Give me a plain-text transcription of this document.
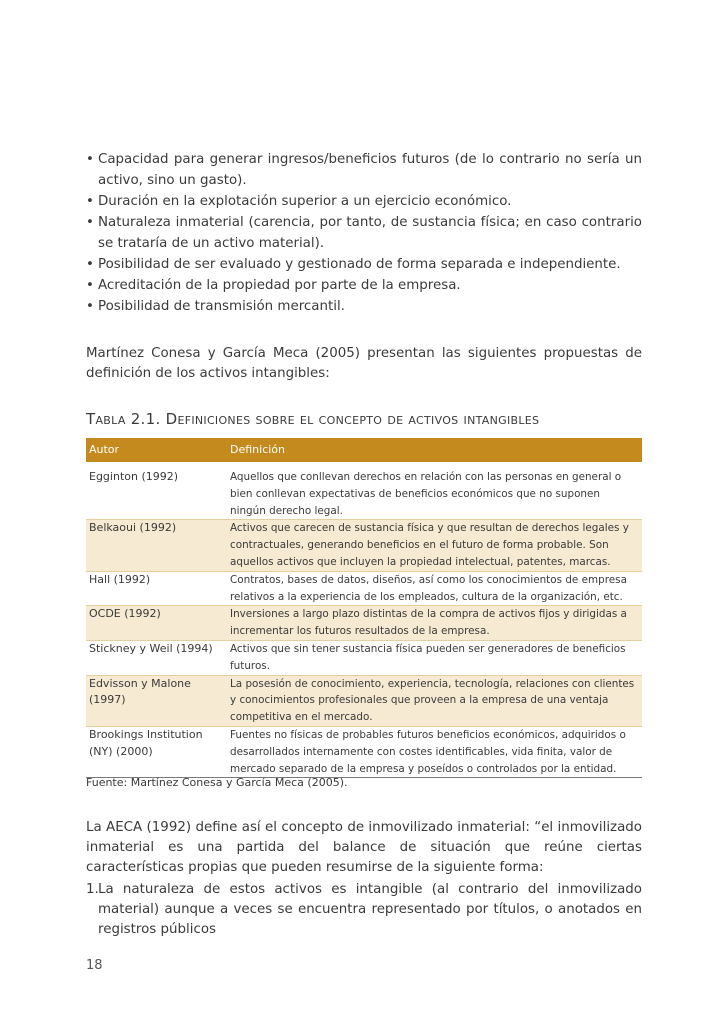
• Capacidad para generar ingresos/beneficios futuros (de lo contrario no sería un activo, sino un gasto).
• Duración en la explotación superior a un ejercicio económico.
• Naturaleza inmaterial (carencia, por tanto, de sustancia física; en caso contrario se trataría de un activo material).
• Posibilidad de ser evaluado y gestionado de forma separada e independiente.
• Acreditación de la propiedad por parte de la empresa.
• Posibilidad de transmisión mercantil.

Martínez Conesa y García Meca (2005) presentan las siguientes propuestas de definición de los activos intangibles:

Tabla 2.1. Definiciones sobre el concepto de activos intangibles
Autor	Definición
Egginton (1992)	Aquellos que conllevan derechos en relación con las personas en general o bien conllevan expectativas de beneficios económicos que no suponen ningún derecho legal.
Belkaoui (1992)	Activos que carecen de sustancia física y que resultan de derechos legales y contractuales, generando beneficios en el futuro de forma probable. Son aquellos activos que incluyen la propiedad intelectual, patentes, marcas.
Hall (1992)	Contratos, bases de datos, diseños, así como los conocimientos de empresa relativos a la experiencia de los empleados, cultura de la organización, etc.
OCDE (1992)	Inversiones a largo plazo distintas de la compra de activos fijos y dirigidas a incrementar los futuros resultados de la empresa.
Stickney y Weil (1994)	Activos que sin tener sustancia física pueden ser generadores de beneficios futuros.
Edvisson y Malone (1997)	La posesión de conocimiento, experiencia, tecnología, relaciones con clientes y conocimientos profesionales que proveen a la empresa de una ventaja competitiva en el mercado.
Brookings Institution (NY) (2000)	Fuentes no físicas de probables futuros beneficios económicos, adquiridos o desarrollados internamente con costes identificables, vida finita, valor de mercado separado de la empresa y poseídos o controlados por la entidad.
Fuente: Martínez Conesa y García Meca (2005).

La AECA (1992) define así el concepto de inmovilizado inmaterial: “el inmovilizado inmaterial es una partida del balance de situación que reúne ciertas características propias que pueden resumirse de la siguiente forma:

1. La naturaleza de estos activos es intangible (al contrario del inmovilizado material) aunque a veces se encuentra representado por títulos, o anotados en registros públicos
18
